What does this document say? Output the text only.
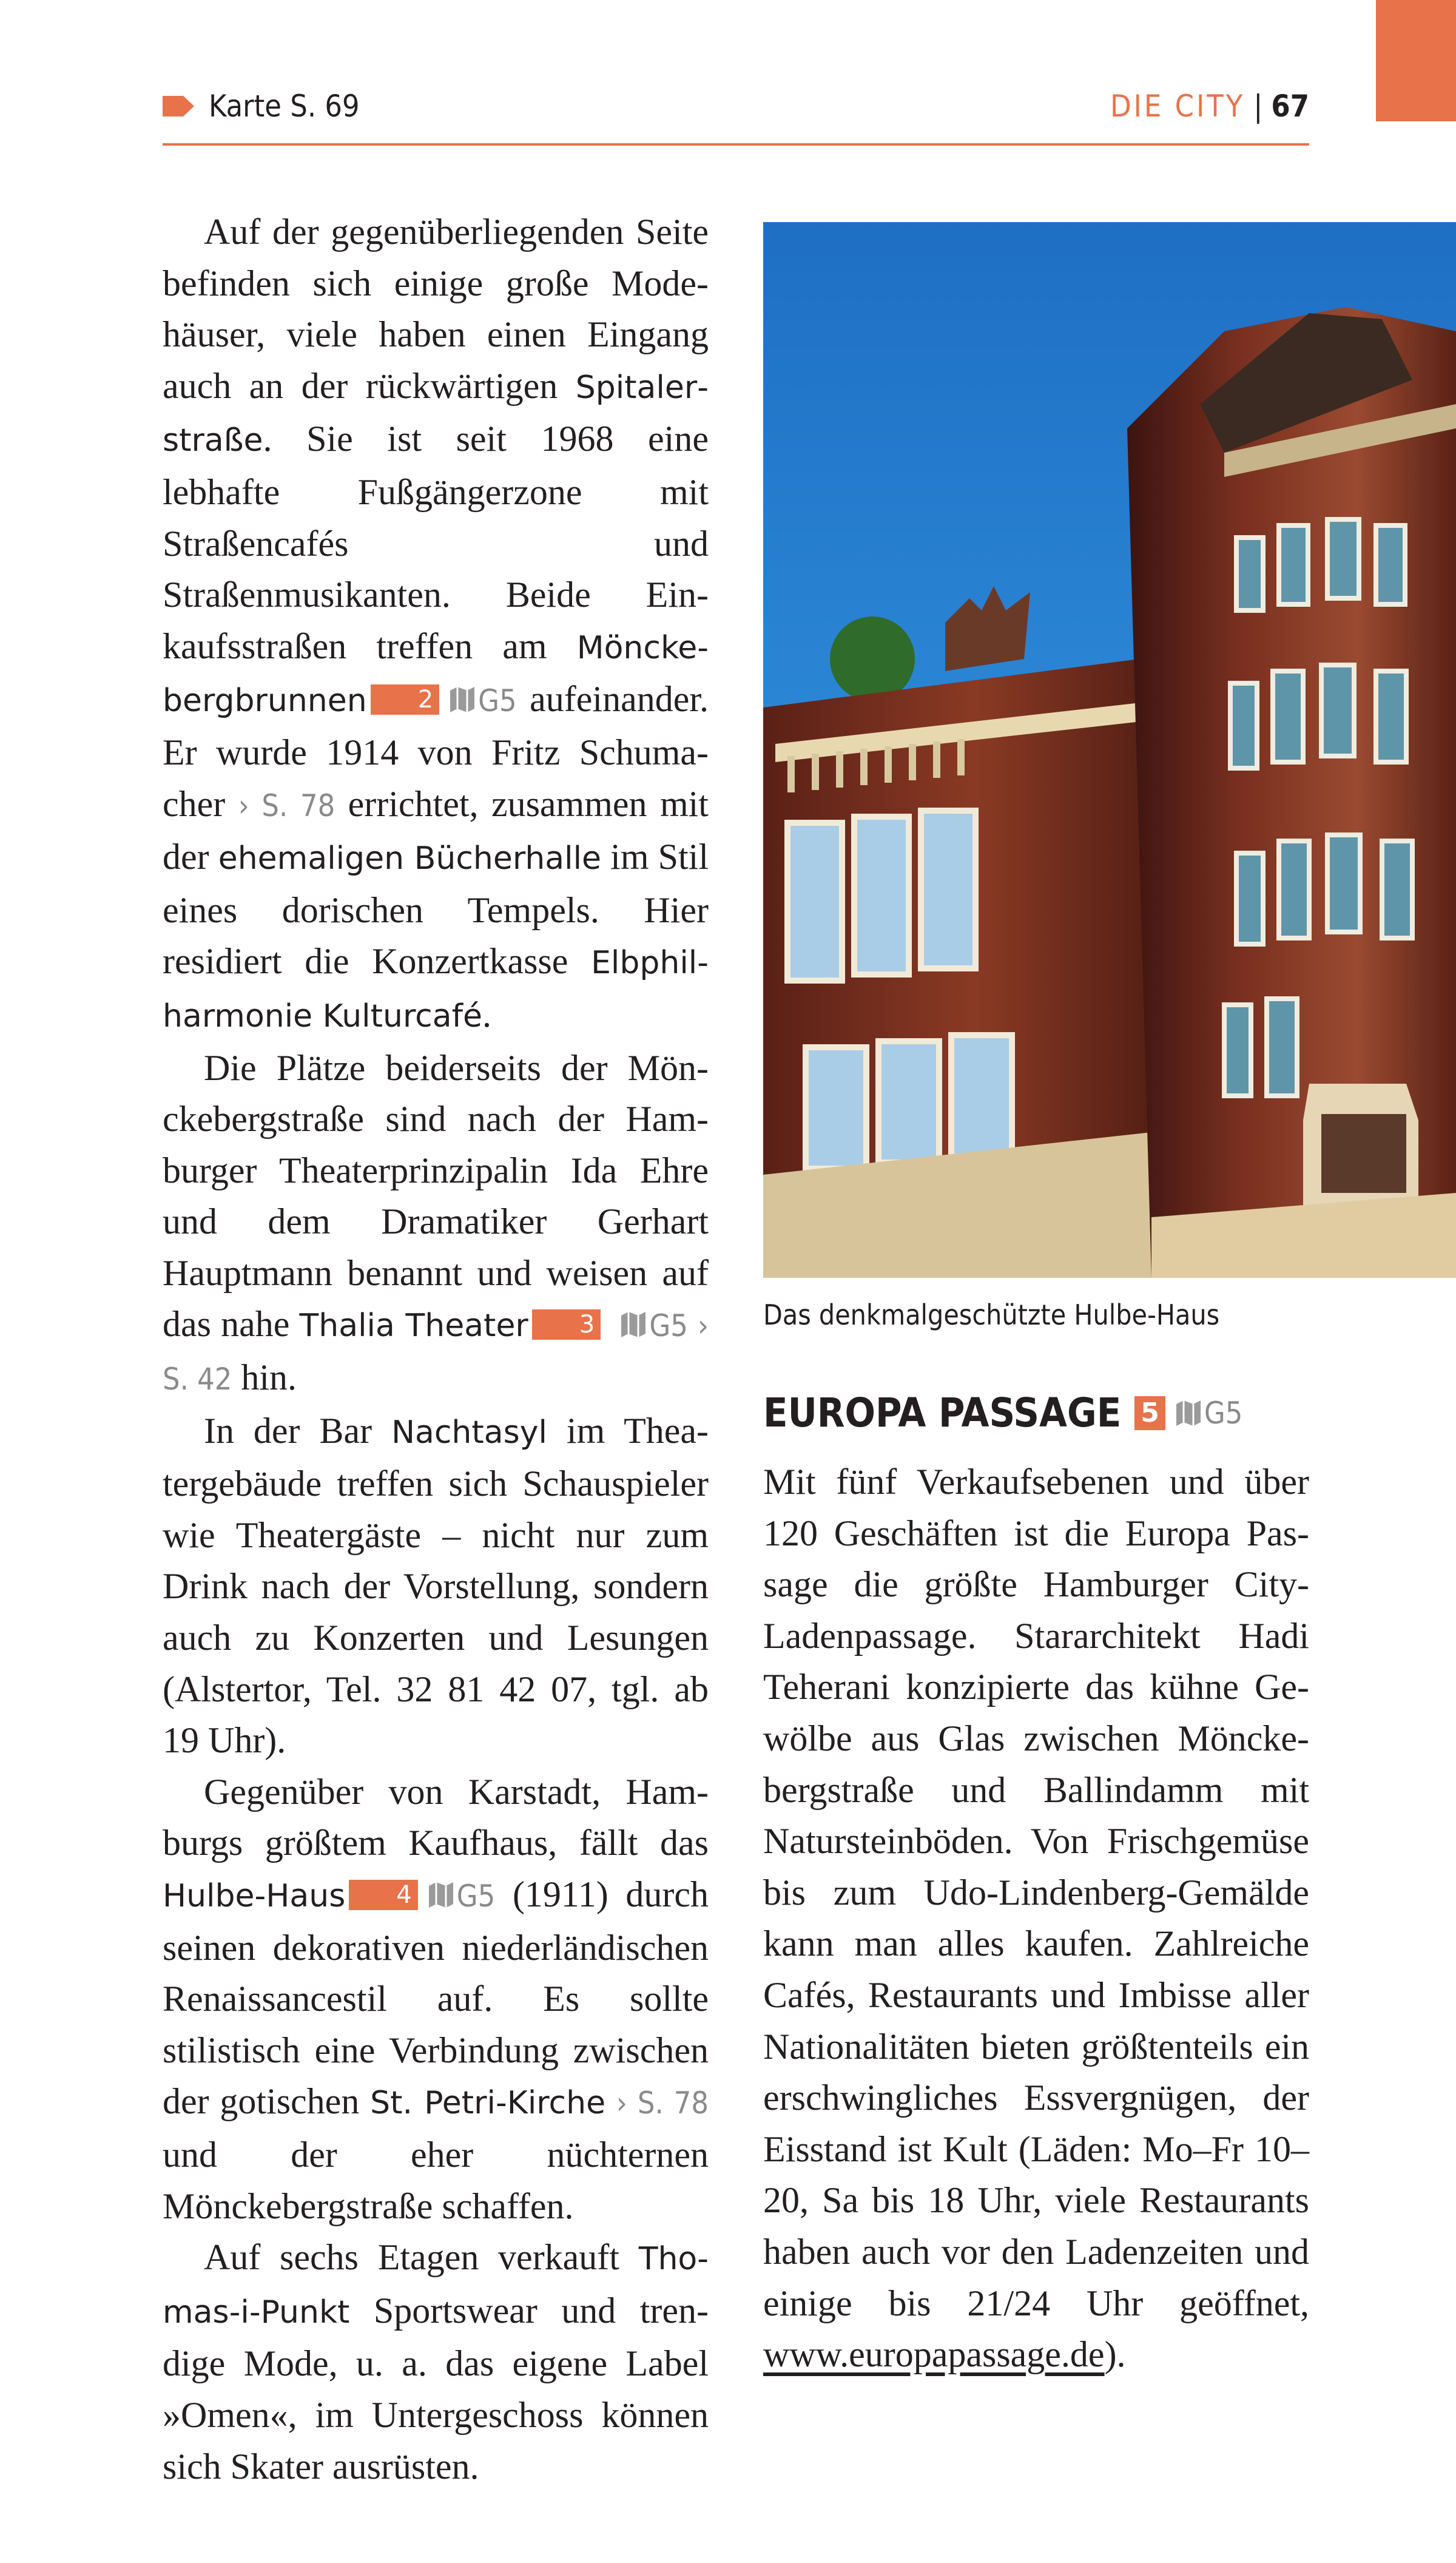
Karte S. 69	DIE CITY | 67

Auf der gegenüberliegenden Seite befinden sich einige große Modehäuser, viele haben einen Eingang auch an der rückwärtigen Spitalerstraße. Sie ist seit 1968 eine lebhafte Fußgängerzone mit Straßencafés und Straßenmusikanten. Beide Einkaufsstraßen treffen am Mönckebergbrunnen 2 G5 aufeinander. Er wurde 1914 von Fritz Schumacher › S. 78 errichtet, zusammen mit der ehemaligen Bücherhalle im Stil eines dorischen Tempels. Hier residiert die Konzertkasse Elbphilharmonie Kulturcafé.

Die Plätze beiderseits der Mönckebergstraße sind nach der Hamburger Theaterprinzipalin Ida Ehre und dem Dramatiker Gerhart Hauptmann benannt und weisen auf das nahe Thalia Theater 3 G5 › S. 42 hin.

In der Bar Nachtasyl im Theatergebäude treffen sich Schauspieler wie Theatergäste – nicht nur zum Drink nach der Vorstellung, sondern auch zu Konzerten und Lesungen (Alstertor, Tel. 32 81 42 07, tgl. ab 19 Uhr).

Gegenüber von Karstadt, Hamburgs größtem Kaufhaus, fällt das Hulbe-Haus 4 G5 (1911) durch seinen dekorativen niederländischen Renaissancestil auf. Es sollte stilistisch eine Verbindung zwischen der gotischen St. Petri-Kirche › S. 78 und der eher nüchternen Mönckebergstraße schaffen.

Auf sechs Etagen verkauft Thomas-i-Punkt Sportswear und trendige Mode, u. a. das eigene Label »Omen«, im Untergeschoss können sich Skater ausrüsten.

Das denkmalgeschützte Hulbe-Haus
EUROPA PASSAGE 5 G5

Mit fünf Verkaufsebenen und über 120 Geschäften ist die Europa Passage die größte Hamburger City-Ladenpassage. Stararchitekt Hadi Teherani konzipierte das kühne Gewölbe aus Glas zwischen Mönckebergstraße und Ballindamm mit Natursteinböden. Von Frischgemüse bis zum Udo-Lindenberg-Gemälde kann man alles kaufen. Zahlreiche Cafés, Restaurants und Imbisse aller Nationalitäten bieten größtenteils ein erschwingliches Essvergnügen, der Eisstand ist Kult (Läden: Mo–Fr 10–20, Sa bis 18 Uhr, viele Restaurants haben auch vor den Ladenzeiten und einige bis 21/24 Uhr geöffnet, www.europapassage.de).
